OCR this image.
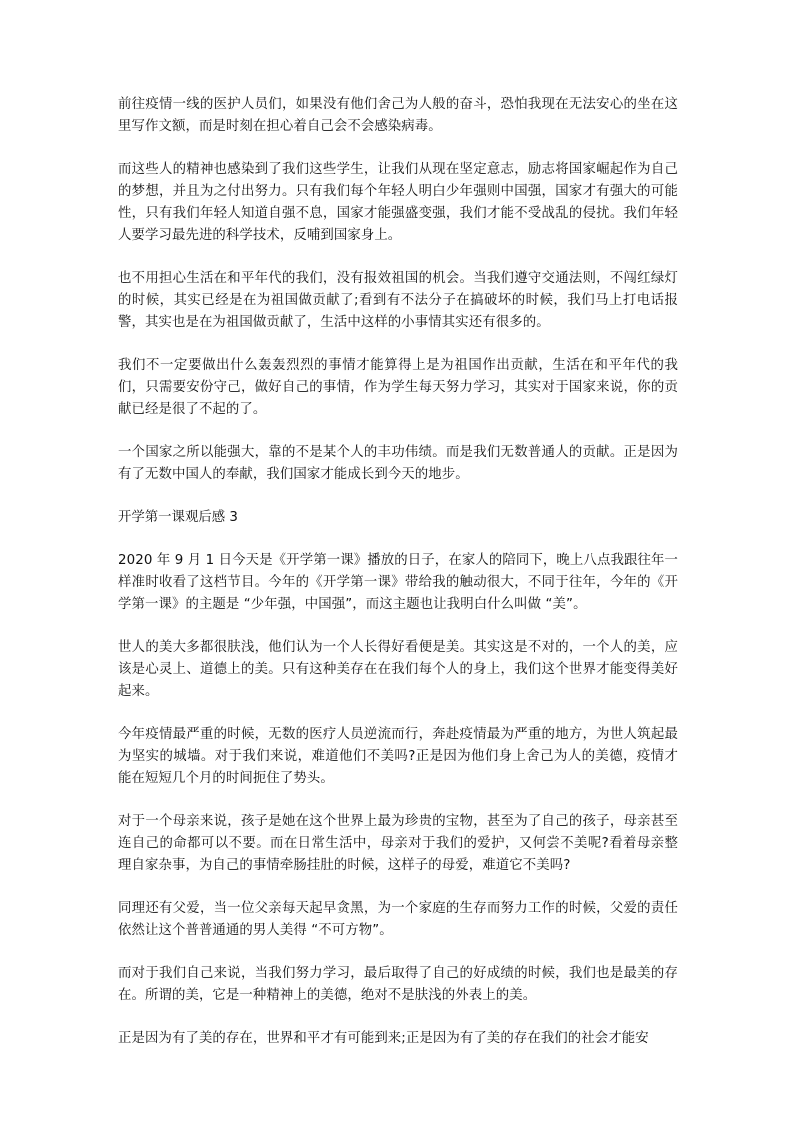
前往疫情一线的医护人员们，如果没有他们舍己为人般的奋斗，恐怕我现在无法安心的坐在这里写作文额，而是时刻在担心着自己会不会感染病毒。

而这些人的精神也感染到了我们这些学生，让我们从现在坚定意志，励志将国家崛起作为自己的梦想，并且为之付出努力。只有我们每个年轻人明白少年强则中国强，国家才有强大的可能性，只有我们年轻人知道自强不息，国家才能强盛变强，我们才能不受战乱的侵扰。我们年轻人要学习最先进的科学技术，反哺到国家身上。

也不用担心生活在和平年代的我们，没有报效祖国的机会。当我们遵守交通法则，不闯红绿灯的时候，其实已经是在为祖国做贡献了;看到有不法分子在搞破坏的时候，我们马上打电话报警，其实也是在为祖国做贡献了，生活中这样的小事情其实还有很多的。

我们不一定要做出什么轰轰烈烈的事情才能算得上是为祖国作出贡献，生活在和平年代的我们，只需要安份守己，做好自己的事情，作为学生每天努力学习，其实对于国家来说，你的贡献已经是很了不起的了。

一个国家之所以能强大，靠的不是某个人的丰功伟绩。而是我们无数普通人的贡献。正是因为有了无数中国人的奉献，我们国家才能成长到今天的地步。

开学第一课观后感 3

2020 年 9 月 1 日今天是《开学第一课》播放的日子，在家人的陪同下，晚上八点我跟往年一样准时收看了这档节目。今年的《开学第一课》带给我的触动很大，不同于往年，今年的《开学第一课》的主题是 “少年强，中国强”，而这主题也让我明白什么叫做 “美”。

世人的美大多都很肤浅，他们认为一个人长得好看便是美。其实这是不对的，一个人的美，应该是心灵上、道德上的美。只有这种美存在在我们每个人的身上，我们这个世界才能变得美好起来。

今年疫情最严重的时候，无数的医疗人员逆流而行，奔赴疫情最为严重的地方，为世人筑起最为坚实的城墙。对于我们来说，难道他们不美吗?正是因为他们身上舍己为人的美德，疫情才能在短短几个月的时间扼住了势头。

对于一个母亲来说，孩子是她在这个世界上最为珍贵的宝物，甚至为了自己的孩子，母亲甚至连自己的命都可以不要。而在日常生活中，母亲对于我们的爱护，又何尝不美呢?看着母亲整理自家杂事，为自己的事情牵肠挂肚的时候，这样子的母爱，难道它不美吗?

同理还有父爱，当一位父亲每天起早贪黑，为一个家庭的生存而努力工作的时候，父爱的责任依然让这个普普通通的男人美得 “不可方物”。

而对于我们自己来说，当我们努力学习，最后取得了自己的好成绩的时候，我们也是最美的存在。所谓的美，它是一种精神上的美德，绝对不是肤浅的外表上的美。

正是因为有了美的存在，世界和平才有可能到来;正是因为有了美的存在我们的社会才能安
